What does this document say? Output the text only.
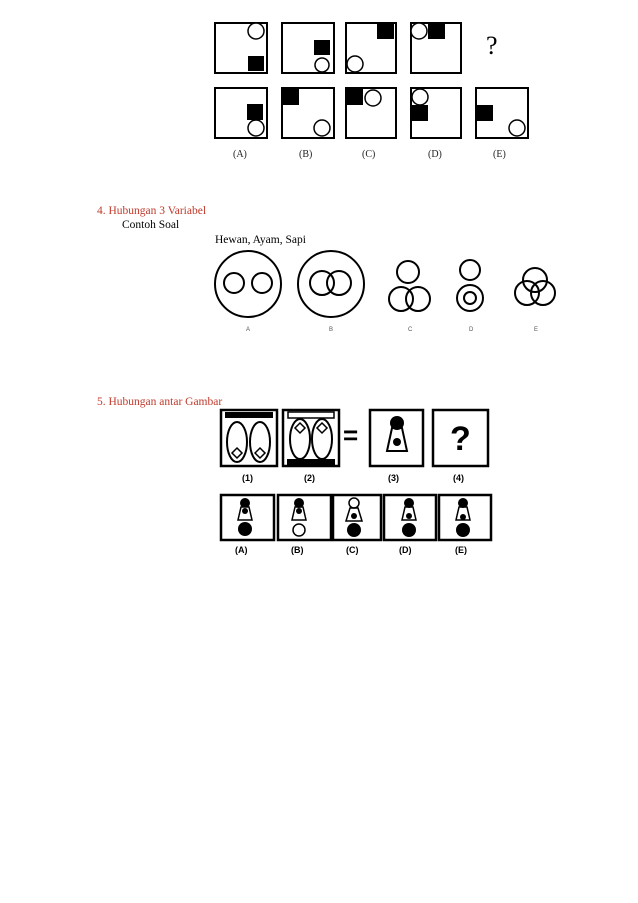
?
(A)	(B)	(C)	(D)	(E)
4. Hubungan 3 Variabel
Contoh Soal
Hewan, Ayam, Sapi
A	B	C	D	E
5. Hubungan antar Gambar
=	?
(1)	(2)	(3)	(4)
(A)	(B)	(C)	(D)	(E)
